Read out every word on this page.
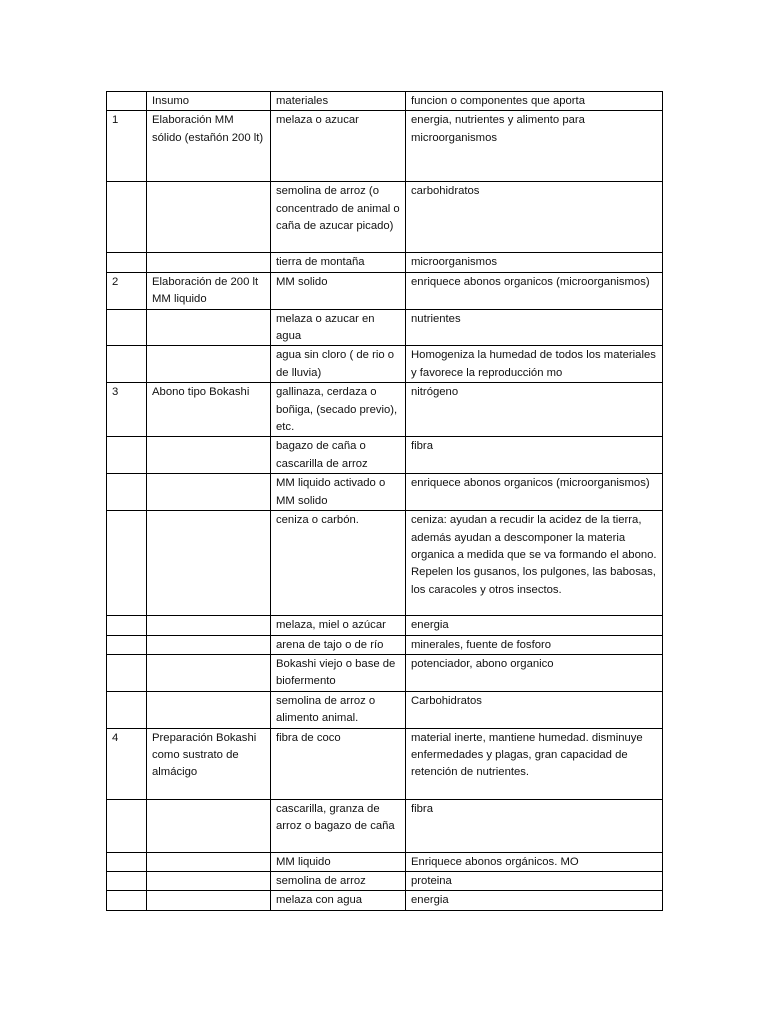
	Insumo	materiales	funcion o componentes que aporta
1	Elaboración MM sólido (estañón 200 lt)	melaza o azucar	energia, nutrientes y alimento para microorganismos
		semolina de arroz (o concentrado de animal o caña de azucar picado)	carbohidratos
		tierra de montaña	microorganismos
2	Elaboración de 200 lt MM liquido	MM solido	enriquece abonos organicos (microorganismos)
		melaza o azucar en agua	nutrientes
		agua sin cloro ( de rio o de lluvia)	Homogeniza la humedad de todos los materiales y favorece la reproducción mo
3	Abono tipo Bokashi	gallinaza, cerdaza o boñiga, (secado previo), etc.	nitrógeno
		bagazo de caña o cascarilla de arroz	fibra
		MM liquido activado o MM solido	enriquece abonos organicos (microorganismos)
		ceniza o carbón.	ceniza: ayudan a recudir la acidez de la tierra, además ayudan a descomponer la materia organica a medida que se va formando el abono. Repelen los gusanos, los pulgones, las babosas, los caracoles y otros insectos.
		melaza, miel o azúcar	energia
		arena de tajo o de río	minerales, fuente de fosforo
		Bokashi viejo o base de biofermento	potenciador, abono organico
		semolina de arroz o alimento animal.	Carbohidratos
4	Preparación Bokashi como sustrato de almácigo	fibra de coco	material inerte, mantiene humedad. disminuye enfermedades y plagas, gran capacidad de retención de nutrientes.
		cascarilla, granza de arroz o bagazo de caña	fibra
		MM liquido	Enriquece abonos orgánicos. MO
		semolina de arroz	proteina
		melaza con agua	energia
